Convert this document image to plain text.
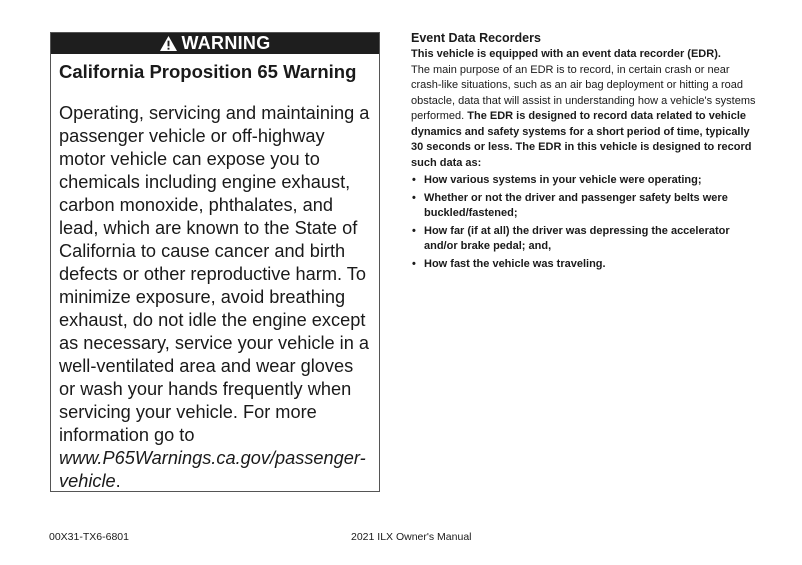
WARNING
California Proposition 65 Warning
Operating, servicing and maintaining a passenger vehicle or off-highway motor vehicle can expose you to chemicals including engine exhaust, carbon monoxide, phthalates, and lead, which are known to the State of California to cause cancer and birth defects or other reproductive harm. To minimize exposure, avoid breathing exhaust, do not idle the engine except as necessary, service your vehicle in a well-ventilated area and wear gloves or wash your hands frequently when servicing your vehicle. For more information go to www.P65Warnings.ca.gov/passenger-vehicle.
Event Data Recorders

This vehicle is equipped with an event data recorder (EDR).

The main purpose of an EDR is to record, in certain crash or near crash-like situations, such as an air bag deployment or hitting a road obstacle, data that will assist in understanding how a vehicle's systems performed. The EDR is designed to record data related to vehicle dynamics and safety systems for a short period of time, typically 30 seconds or less. The EDR in this vehicle is designed to record such data as:

• How various systems in your vehicle were operating;
• Whether or not the driver and passenger safety belts were buckled/fastened;
• How far (if at all) the driver was depressing the accelerator and/or brake pedal; and,
• How fast the vehicle was traveling.
00X31-TX6-6801	2021 ILX Owner's Manual
